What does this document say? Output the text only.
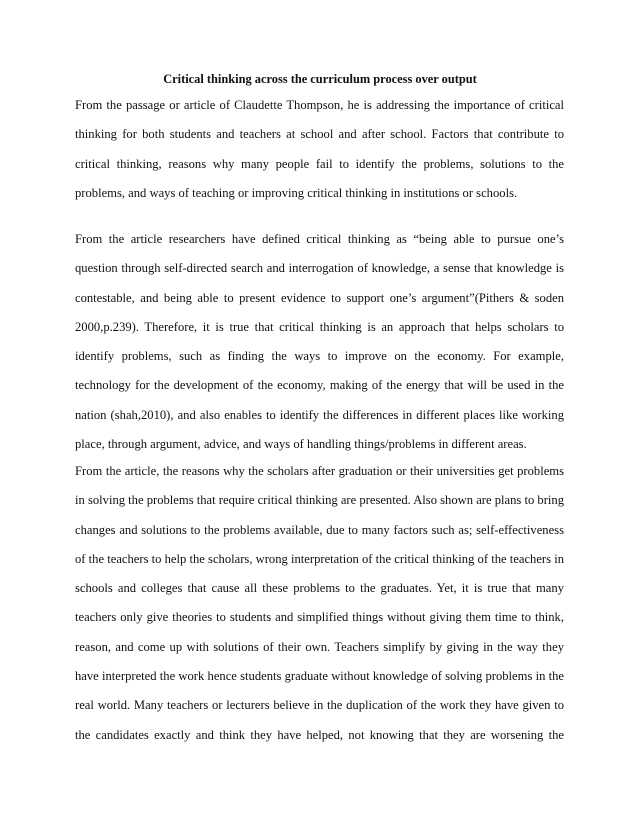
Critical thinking across the curriculum process over output

From the passage or article of Claudette Thompson, he is addressing the importance of critical
thinking for both students and teachers at school and after school. Factors that contribute to
critical thinking, reasons why many people fail to identify the problems, solutions to the
problems, and ways of teaching or improving critical thinking in institutions or schools.

From the article researchers have defined critical thinking as “being able to pursue one’s
question through self-directed search and interrogation of knowledge, a sense that knowledge is
contestable, and being able to present evidence to support one’s argument”(Pithers & soden
2000,p.239). Therefore, it is true that critical thinking is an approach that helps scholars to
identify problems, such as finding the ways to improve on the economy. For example,
technology for the development of the economy, making of the energy that will be used in the
nation (shah,2010), and also enables to identify the differences in different places like working
place, through argument, advice, and ways of handling things/problems in different areas.

From the article, the reasons why the scholars after graduation or their universities get problems
in solving the problems that require critical thinking are presented. Also shown are plans to bring
changes and solutions to the problems available, due to many factors such as; self-effectiveness
of the teachers to help the scholars, wrong interpretation of the critical thinking of the teachers in
schools and colleges that cause all these problems to the graduates. Yet, it is true that many
teachers only give theories to students and simplified things without giving them time to think,
reason, and come up with solutions of their own. Teachers simplify by giving in the way they
have interpreted the work hence students graduate without knowledge of solving problems in the
real world. Many teachers or lecturers believe in the duplication of the work they have given to
the candidates exactly and think they have helped, not knowing that they are worsening the
